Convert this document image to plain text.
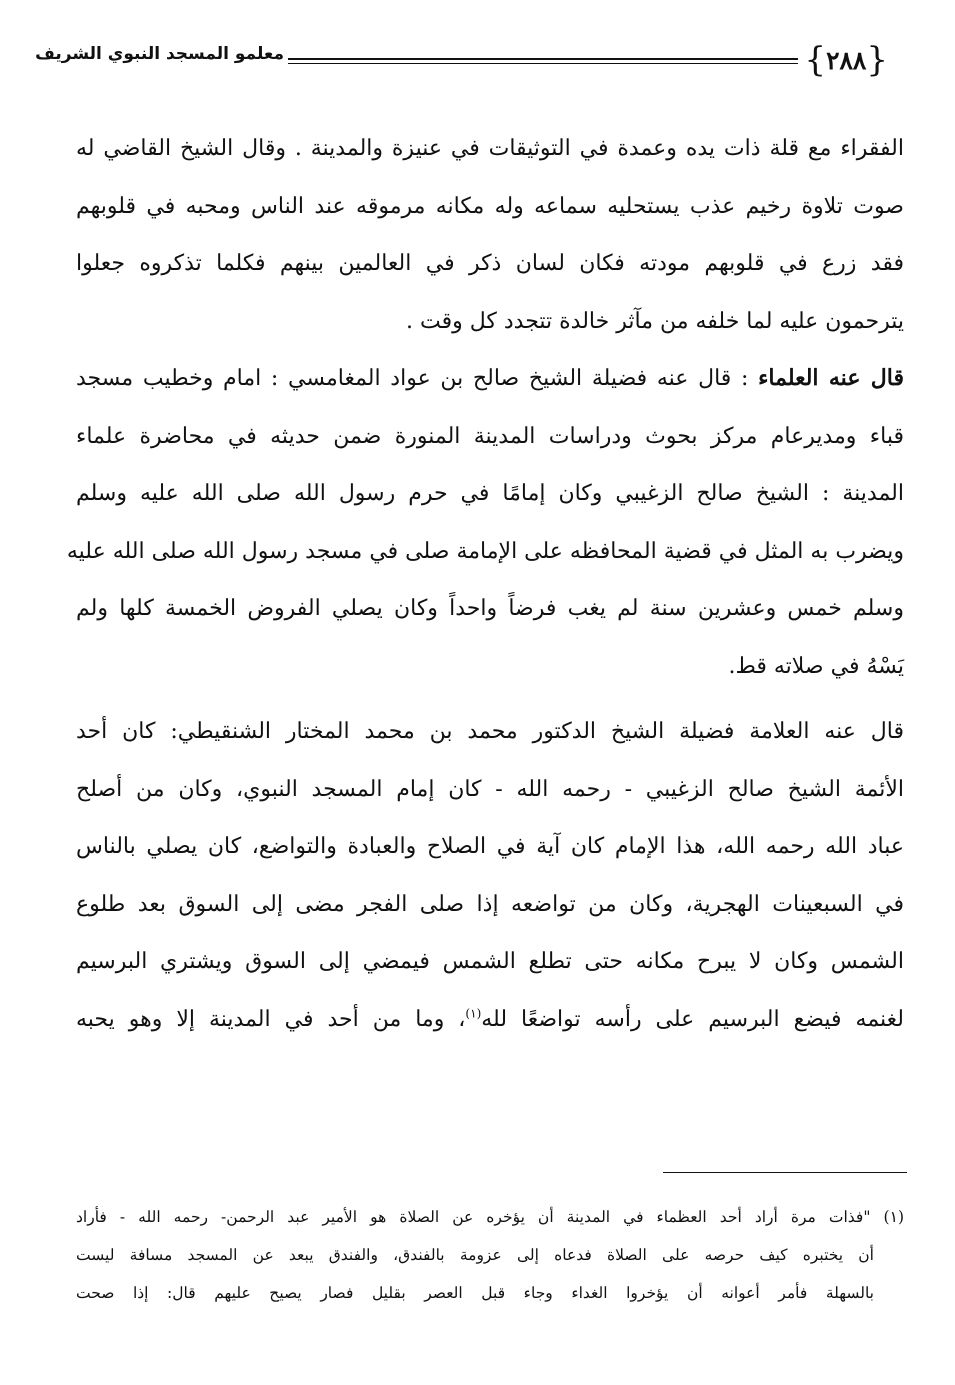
{
٢٨٨
}
معلمو المسجد النبوي الشريف
الفقراء مع قلة ذات يده وعمدة في التوثيقات في عنيزة والمدينة . وقال الشيخ القاضي له
صوت تلاوة رخيم عذب يستحليه سماعه وله مكانه مرموقه عند الناس ومحبه في قلوبهم
فقد زرع في قلوبهم مودته فكان لسان ذكر في العالمين بينهم فكلما تذكروه جعلوا
يترحمون عليه لما خلفه من مآثر خالدة تتجدد كل وقت .
قال عنه العلماء : قال عنه فضيلة الشيخ صالح بن عواد المغامسي : امام وخطيب مسجد
قباء ومديرعام مركز بحوث ودراسات المدينة المنورة ضمن حديثه في محاضرة علماء
المدينة : الشيخ صالح الزغيبي وكان إمامًا في حرم رسول الله صلى الله عليه وسلم
ويضرب به المثل في قضية المحافظه على الإمامة صلى في مسجد رسول الله صلى الله عليه
وسلم خمس وعشرين سنة لم يغب فرضاً واحداً وكان يصلي الفروض الخمسة كلها ولم
يَسْهُ في صلاته قط.
قال عنه العلامة فضيلة الشيخ الدكتور محمد بن محمد المختار الشنقيطي: كان أحد
الأئمة الشيخ صالح الزغيبي - رحمه الله - كان إمام المسجد النبوي، وكان من أصلح
عباد الله رحمه الله، هذا الإمام كان آية في الصلاح والعبادة والتواضع، كان يصلي بالناس
في السبعينات الهجرية، وكان من تواضعه إذا صلى الفجر مضى إلى السوق بعد طلوع
الشمس وكان لا يبرح مكانه حتى تطلع الشمس فيمضي إلى السوق ويشتري البرسيم
لغنمه فيضع البرسيم على رأسه تواضعًا لله$^{(١)}$، وما من أحد في المدينة إلا وهو يحبه
(١) "فذات مرة أراد أحد العظماء في المدينة أن يؤخره عن الصلاة هو الأمير عبد الرحمن- رحمه الله - فأراد
أن يختبره كيف حرصه على الصلاة فدعاه إلى عزومة بالفندق، والفندق يبعد عن المسجد مسافة ليست
بالسهلة فأمر أعوانه أن يؤخروا الغداء وجاء قبل العصر بقليل فصار يصيح عليهم قال: إذا صحت
